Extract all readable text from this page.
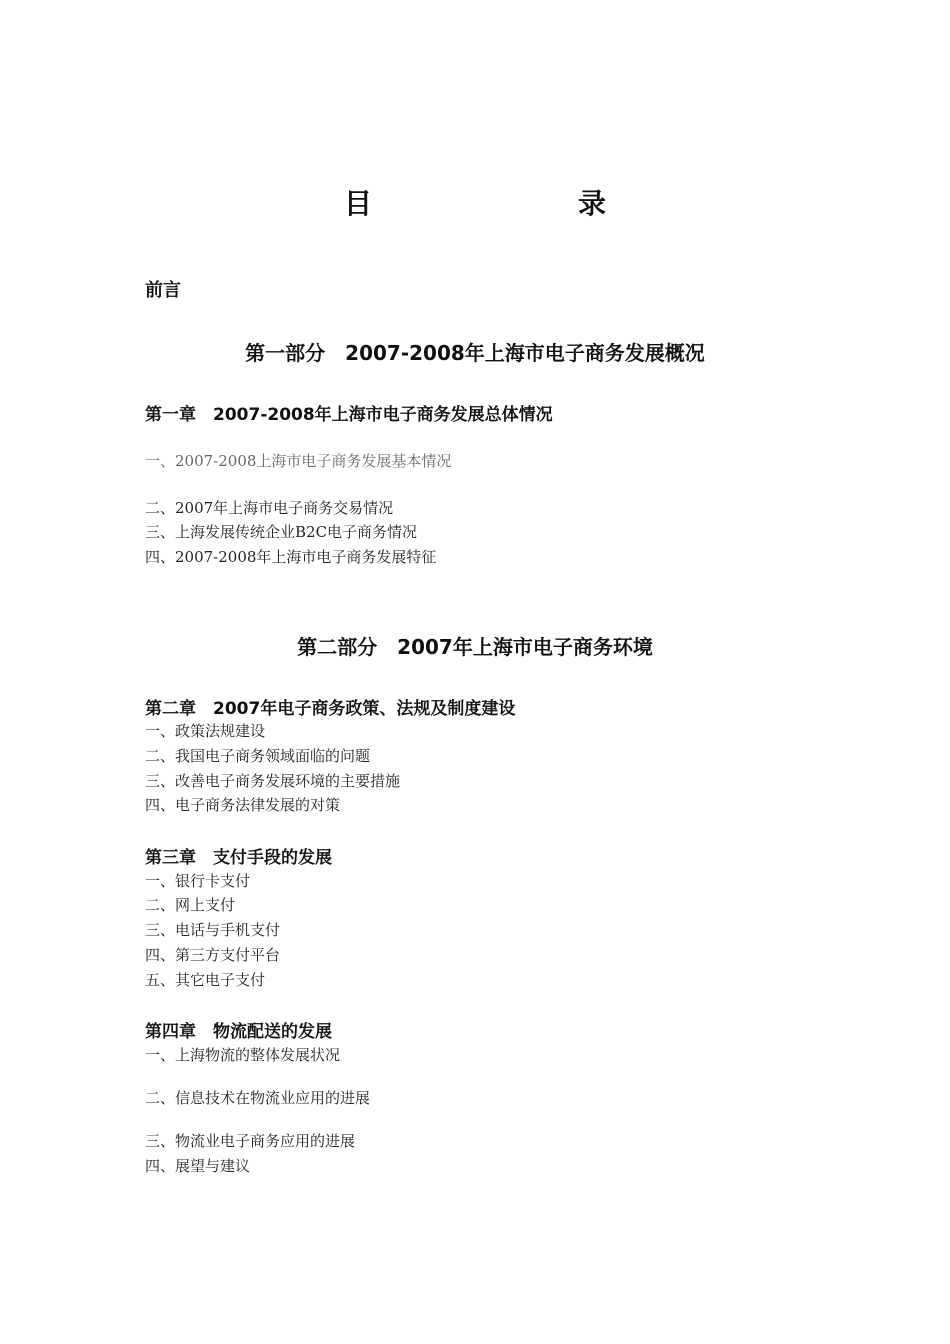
目　　录
前言
第一部分　2007-2008年上海市电子商务发展概况
第一章　2007-2008年上海市电子商务发展总体情况
一、2007-2008上海市电子商务发展基本情况
二、2007年上海市电子商务交易情况
三、上海发展传统企业B2C电子商务情况
四、2007-2008年上海市电子商务发展特征
第二部分　2007年上海市电子商务环境
第二章　2007年电子商务政策、法规及制度建设
一、政策法规建设
二、我国电子商务领域面临的问题
三、改善电子商务发展环境的主要措施
四、电子商务法律发展的对策
第三章　支付手段的发展
一、银行卡支付
二、网上支付
三、电话与手机支付
四、第三方支付平台
五、其它电子支付
第四章　物流配送的发展
一、上海物流的整体发展状况
二、信息技术在物流业应用的进展
三、物流业电子商务应用的进展
四、展望与建议
